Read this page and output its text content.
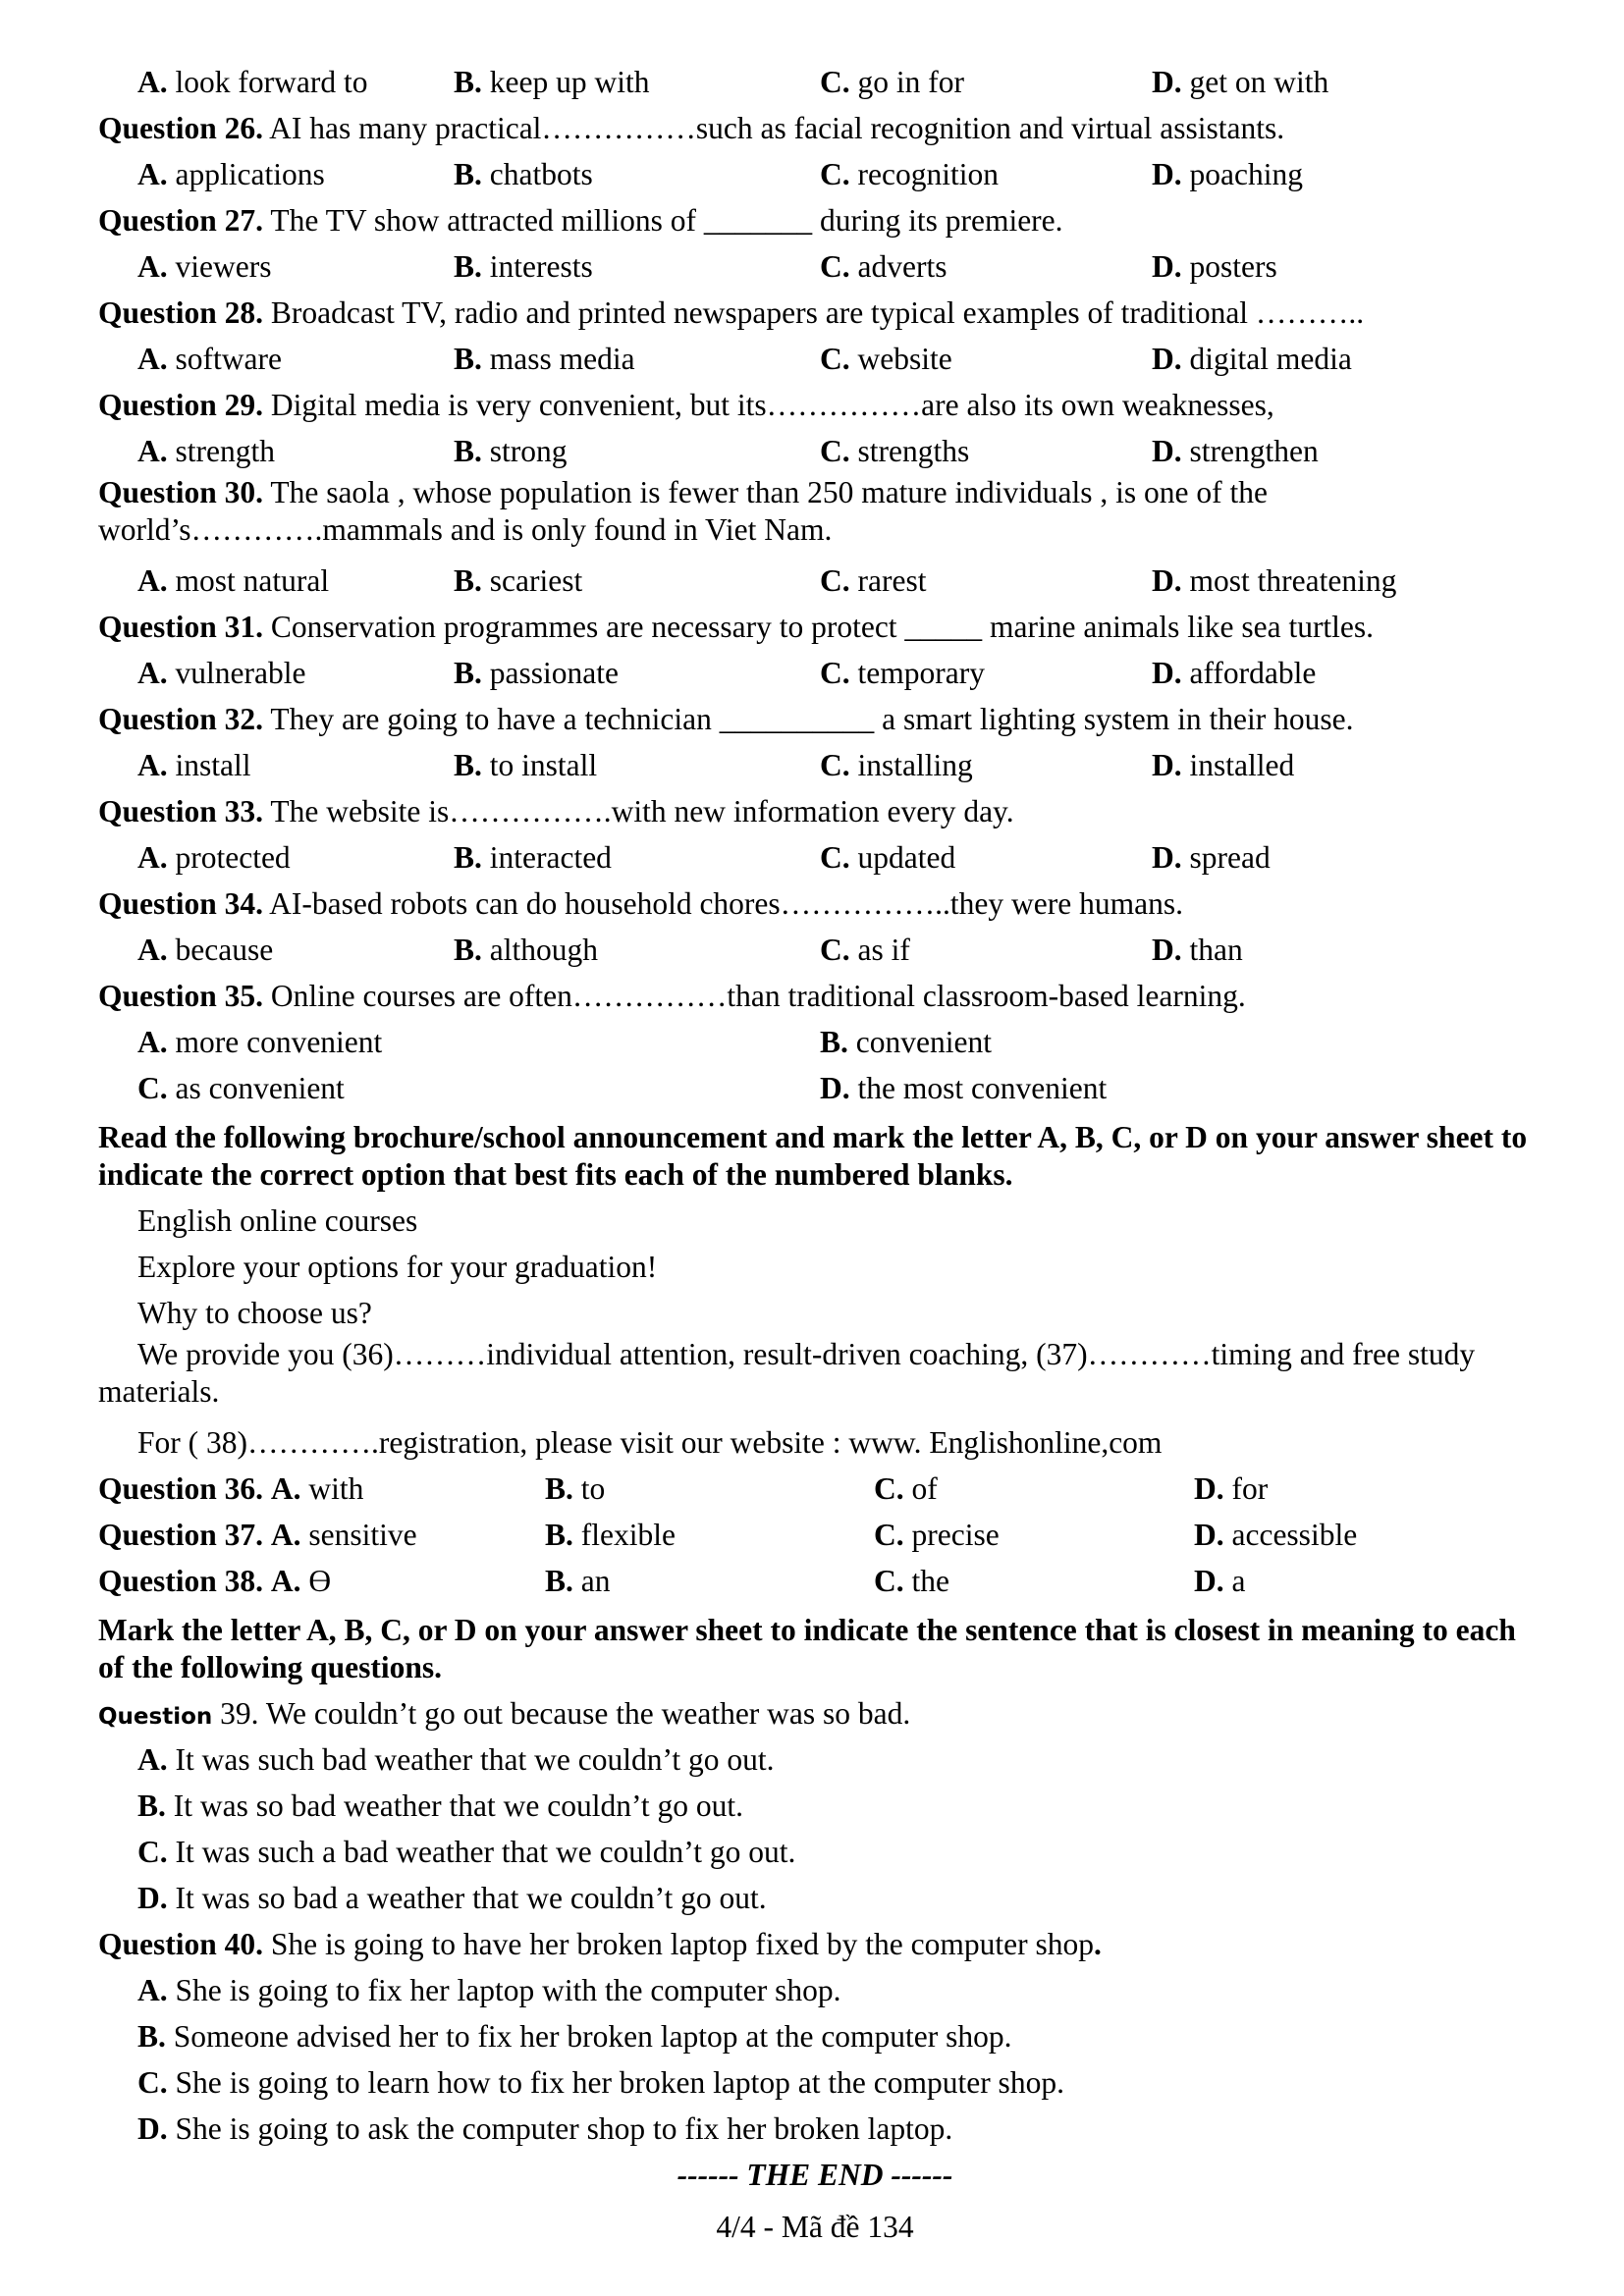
A. look forward to	B. keep up with	C. go in for	D. get on with
Question 26. AI has many practical……………such as facial recognition and virtual assistants.
A. applications	B. chatbots	C. recognition	D. poaching
Question 27. The TV show attracted millions of _______ during its premiere.
A. viewers	B. interests	C. adverts	D. posters
Question 28. Broadcast TV, radio and printed newspapers are typical examples of traditional ………..
A. software	B. mass media	C. website	D. digital media
Question 29. Digital media is very convenient, but its……………are also its own weaknesses,
A. strength	B. strong	C. strengths	D. strengthen
Question 30. The saola , whose population is fewer than 250 mature individuals , is one of the world’s………….mammals and is only found in Viet Nam.
A. most natural	B. scariest	C. rarest	D. most threatening
Question 31. Conservation programmes are necessary to protect _____ marine animals like sea turtles.
A. vulnerable	B. passionate	C. temporary	D. affordable
Question 32. They are going to have a technician __________ a smart lighting system in their house.
A. install	B. to install	C. installing	D. installed
Question 33. The website is…………….with new information every day.
A. protected	B. interacted	C. updated	D. spread
Question 34. AI-based robots can do household chores……………..they were humans.
A. because	B. although	C. as if	D. than
Question 35. Online courses are often……………than traditional classroom-based learning.
A. more convenient	B. convenient
C. as convenient	D. the most convenient
Read the following brochure/school announcement and mark the letter A, B, C, or D on your answer sheet to indicate the correct option that best fits each of the numbered blanks.
English online courses
Explore your options for your graduation!
Why to choose us?
We provide you (36)………individual attention, result-driven coaching, (37)…………timing and free study materials.
For ( 38)………….registration, please visit our website : www. Englishonline,com
Question 36. A. with	B. to	C. of	D. for
Question 37. A. sensitive	B. flexible	C. precise	D. accessible
Question 38. A. Ө	B. an	C. the	D. a
Mark the letter A, B, C, or D on your answer sheet to indicate the sentence that is closest in meaning to each of the following questions.
Question 39. We couldn’t go out because the weather was so bad.
A. It was such bad weather that we couldn’t go out.
B. It was so bad weather that we couldn’t go out.
C. It was such a bad weather that we couldn’t go out.
D. It was so bad a weather that we couldn’t go out.
Question 40. She is going to have her broken laptop fixed by the computer shop.
A. She is going to fix her laptop with the computer shop.
B. Someone advised her to fix her broken laptop at the computer shop.
C. She is going to learn how to fix her broken laptop at the computer shop.
D. She is going to ask the computer shop to fix her broken laptop.
------ THE END ------
4/4 - Mã đề 134
